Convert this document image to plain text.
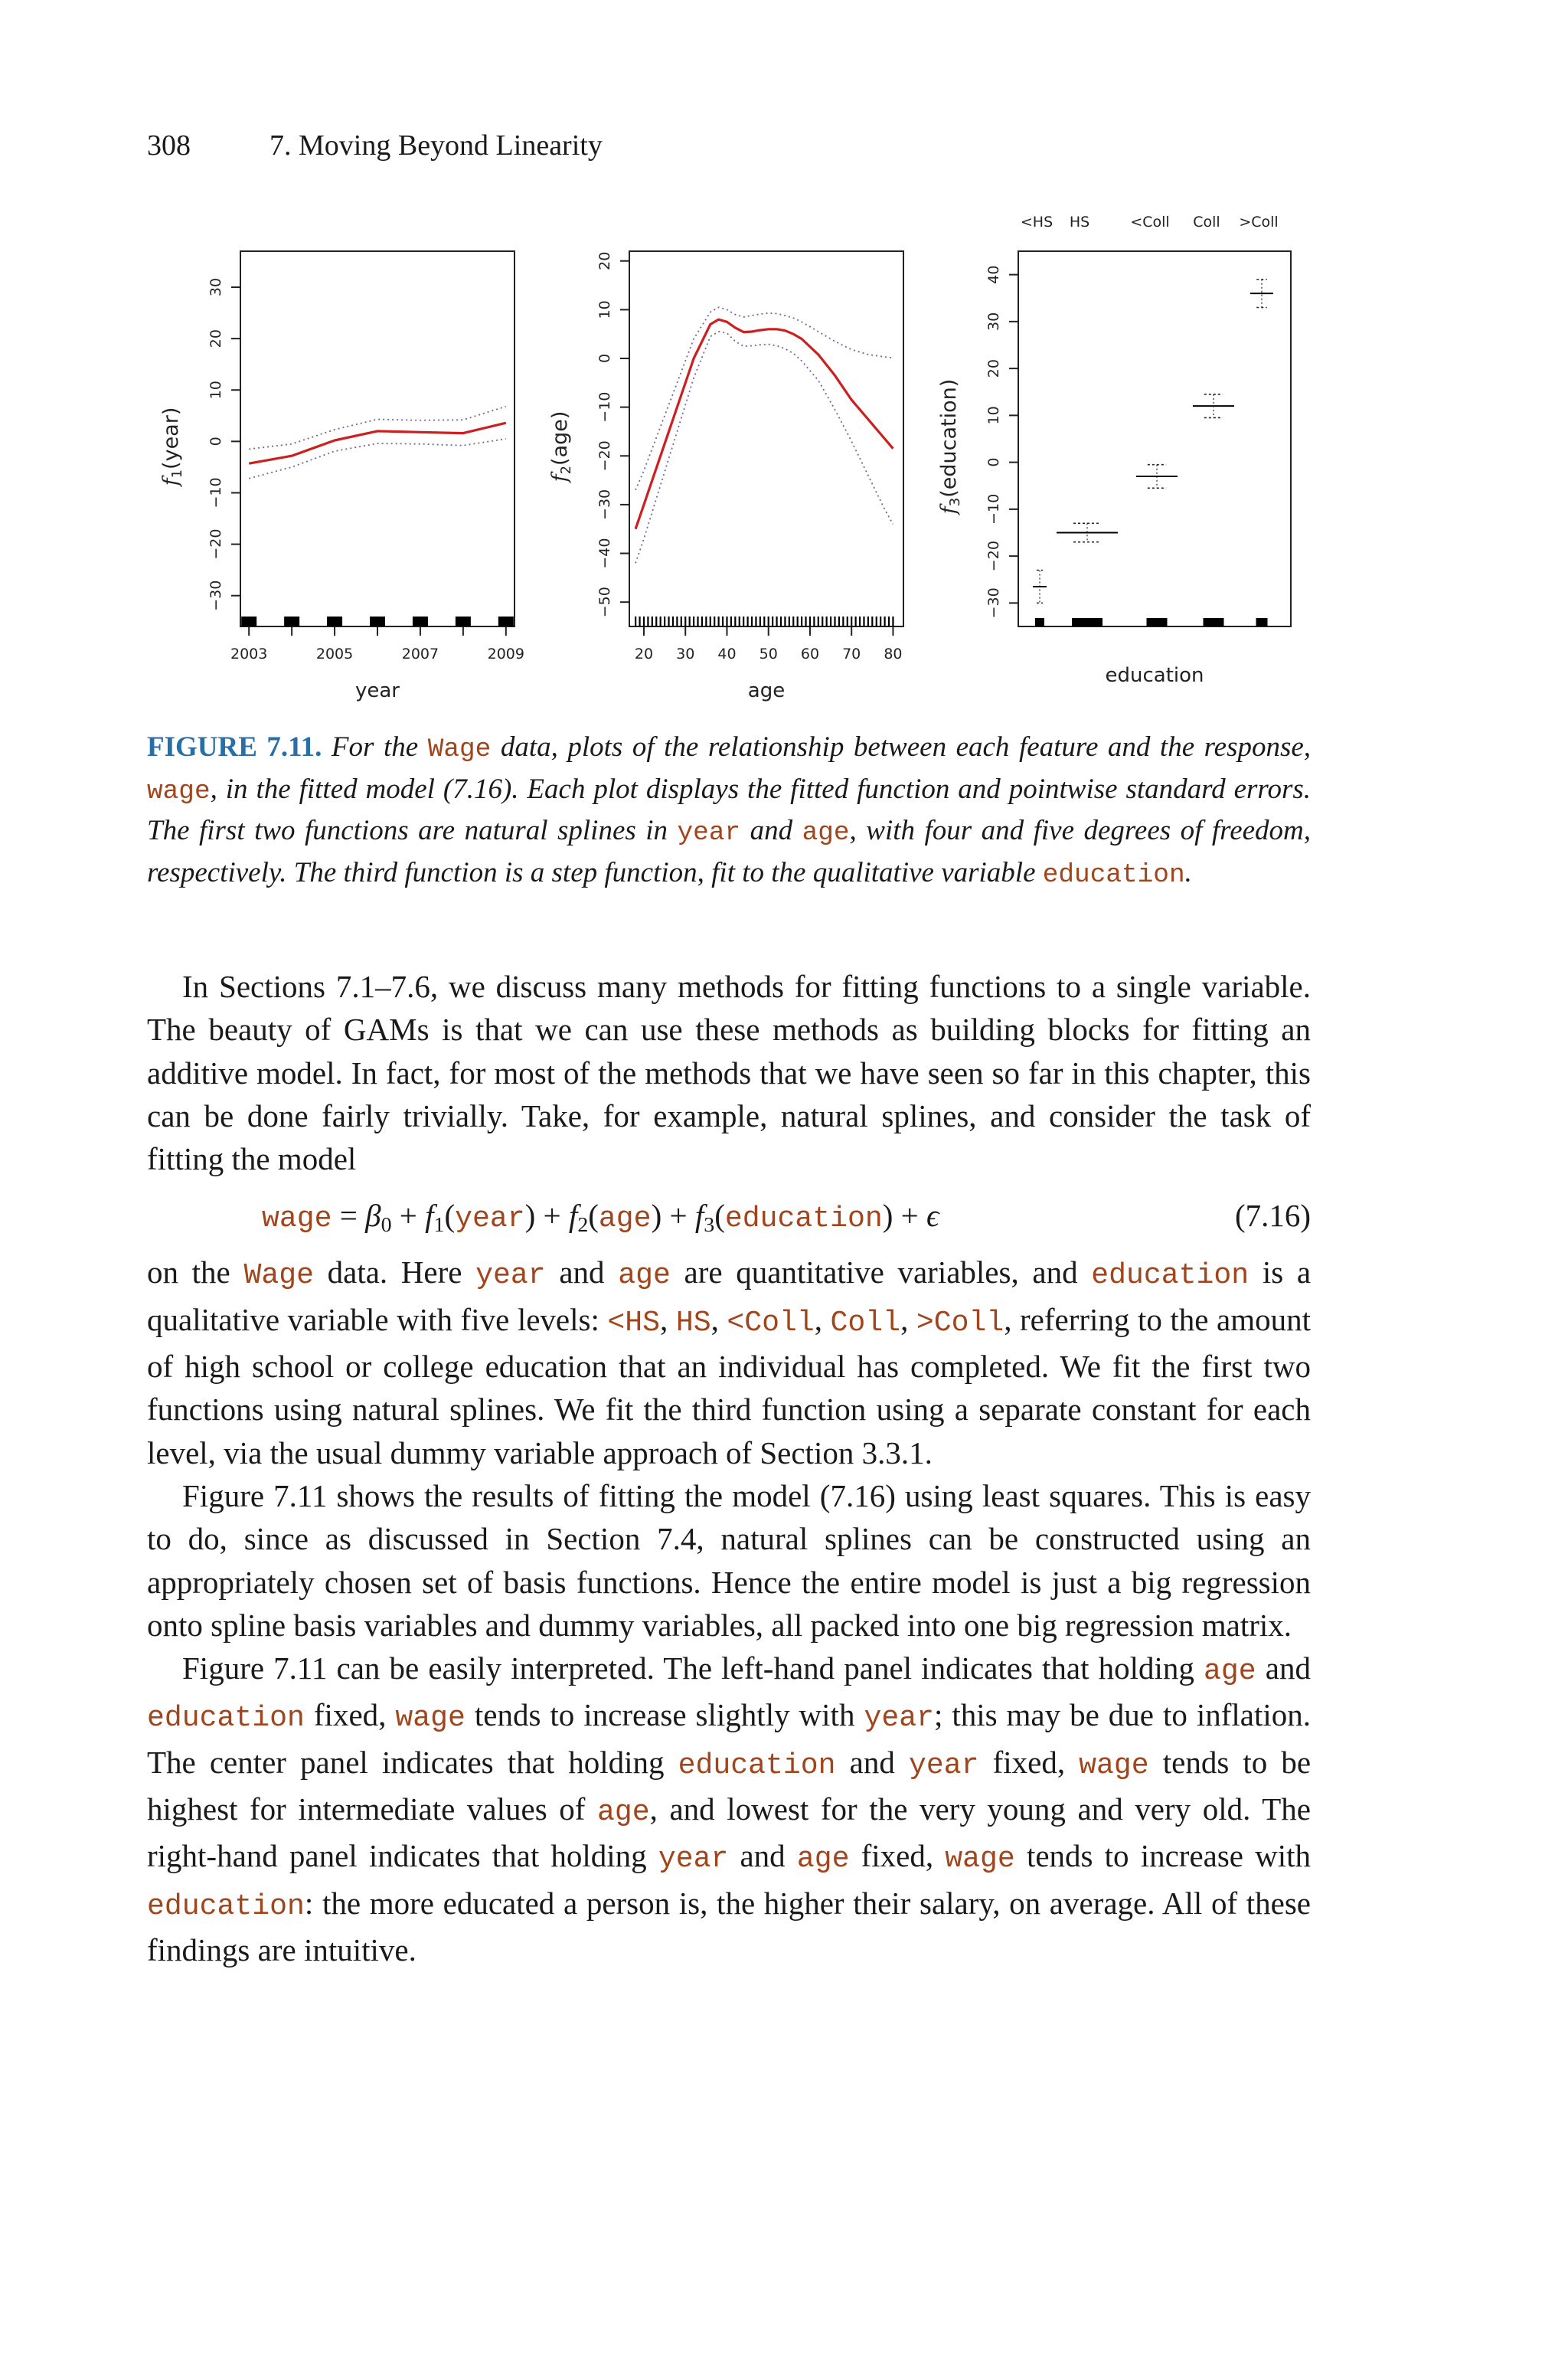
308	7. Moving Beyond Linearity
−30
−20
−10
0
10
20
30
f1(year)
2003	2005	2007	2009
year
−50
−40
−30
−20
−10
0
10
20
f2(age)
20 30 40 50 60 70 80
age
−30
−20
−10
0
10
20
30
40
f3(education)
<HS HS	<Coll Coll >Coll
education
FIGURE 7.11. For the Wage data, plots of the relationship between each feature and the response, wage, in the fitted model (7.16). Each plot displays the fitted function and pointwise standard errors. The first two functions are natural splines in year and age, with four and five degrees of freedom, respectively. The third function is a step function, fit to the qualitative variable education.

In Sections 7.1–7.6, we discuss many methods for fitting functions to a single variable. The beauty of GAMs is that we can use these methods as building blocks for fitting an additive model. In fact, for most of the methods that we have seen so far in this chapter, this can be done fairly trivially. Take, for example, natural splines, and consider the task of fitting the model

wage = $\beta_0$ + $f_1(year) + f_2(age)$ + $f_3(education) + \epsilon$	(7.16)

on the Wage data. Here year and age are quantitative variables, and education is a qualitative variable with five levels: <HS, HS, <Coll, Coll, >Coll, referring to the amount of high school or college education that an individual has completed. We fit the first two functions using natural splines. We fit the third function using a separate constant for each level, via the usual dummy variable approach of Section 3.3.1.

Figure 7.11 shows the results of fitting the model (7.16) using least squares. This is easy to do, since as discussed in Section 7.4, natural splines can be constructed using an appropriately chosen set of basis functions. Hence the entire model is just a big regression onto spline basis variables and dummy variables, all packed into one big regression matrix.

Figure 7.11 can be easily interpreted. The left-hand panel indicates that holding age and education fixed, wage tends to increase slightly with year; this may be due to inflation. The center panel indicates that holding education and year fixed, wage tends to be highest for intermediate values of age, and lowest for the very young and very old. The right-hand panel indicates that holding year and age fixed, wage tends to increase with education: the more educated a person is, the higher their salary, on average. All of these findings are intuitive.
